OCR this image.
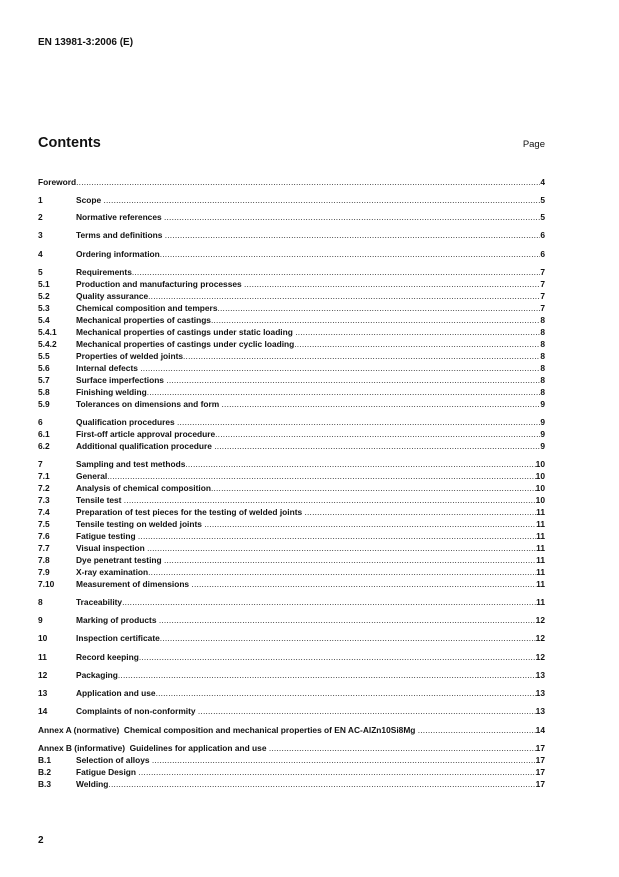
EN 13981-3:2006 (E)
Contents	Page
Foreword .....	4
1	Scope .....	5
2	Normative references .....	5
3	Terms and definitions .....	6
4	Ordering information .....	6
5	Requirements .....	7
5.1	Production and manufacturing processes .....	7
5.2	Quality assurance .....	7
5.3	Chemical composition and tempers .....	7
5.4	Mechanical properties of castings .....	8
5.4.1	Mechanical properties of castings under static loading .....	8
5.4.2	Mechanical properties of castings under cyclic loading .....	8
5.5	Properties of welded joints .....	8
5.6	Internal defects .....	8
5.7	Surface imperfections .....	8
5.8	Finishing welding .....	8
5.9	Tolerances on dimensions and form .....	9
6	Qualification procedures .....	9
6.1	First-off article approval procedure .....	9
6.2	Additional qualification procedure .....	9
7	Sampling and test methods .....	10
7.1	General .....	10
7.2	Analysis of chemical composition .....	10
7.3	Tensile test .....	10
7.4	Preparation of test pieces for the testing of welded joints .....	11
7.5	Tensile testing on welded joints .....	11
7.6	Fatigue testing .....	11
7.7	Visual inspection .....	11
7.8	Dye penetrant testing .....	11
7.9	X-ray examination .....	11
7.10	Measurement of dimensions .....	11
8	Traceability .....	11
9	Marking of products .....	12
10	Inspection certificate .....	12
11	Record keeping .....	12
12	Packaging .....	13
13	Application and use .....	13
14	Complaints of non-conformity .....	13
Annex A (normative)  Chemical composition and mechanical properties of EN AC-AlZn10Si8Mg .....	14
Annex B (informative)  Guidelines for application and use .....	17
B.1	Selection of alloys .....	17
B.2	Fatigue Design .....	17
B.3	Welding .....	17
2
